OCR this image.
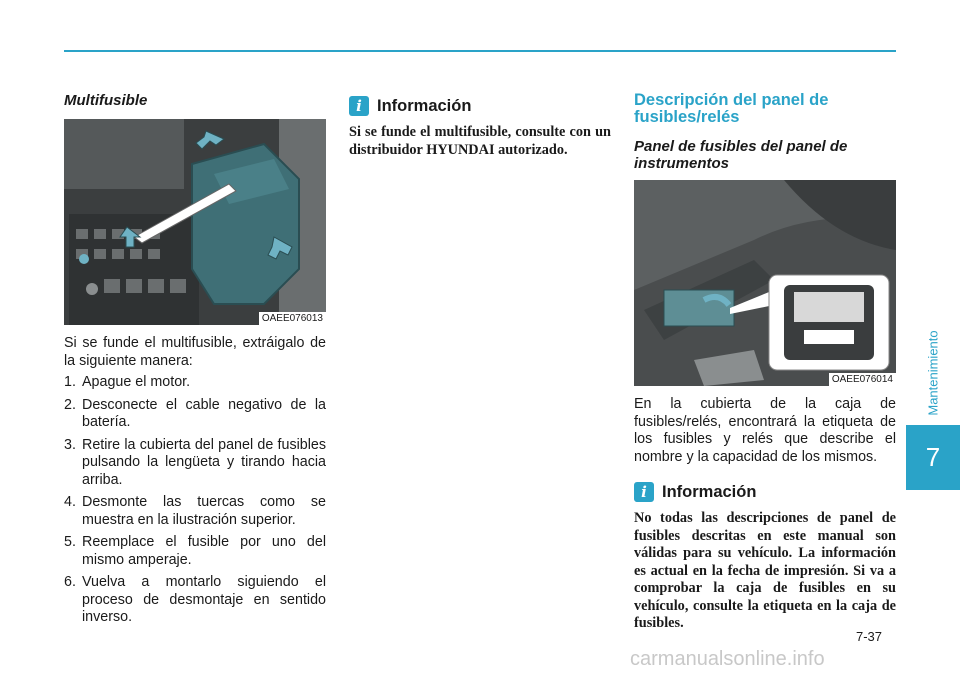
Multifusible
OAEE076013

Si se funde el multifusible, extráigalo de la siguiente manera:

1. Apague el motor.
2. Desconecte el cable negativo de la batería.
3. Retire la cubierta del panel de fusibles pulsando la lengüeta y tirando hacia arriba.
4. Desmonte las tuercas como se muestra en la ilustración superior.
5. Reemplace el fusible por uno del mismo amperaje.
6. Vuelva a montarlo siguiendo el proceso de desmontaje en sentido inverso.
i Información

Si se funde el multifusible, consulte con un distribuidor HYUNDAI autorizado.

Descripción del panel de fusibles/relés
Panel de fusibles del panel de instrumentos
OAEE076014

En la cubierta de la caja de fusibles/relés, encontrará la etiqueta de los fusibles y relés que describe el nombre y la capacidad de los mismos.

i Información

No todas las descripciones de panel de fusibles descritas en este manual son válidas para su vehículo. La información es actual en la fecha de impresión. Si va a comprobar la caja de fusibles en su vehículo, consulte la etiqueta en la caja de fusibles.

Mantenimiento
7
7-37
carmanualsonline.info
